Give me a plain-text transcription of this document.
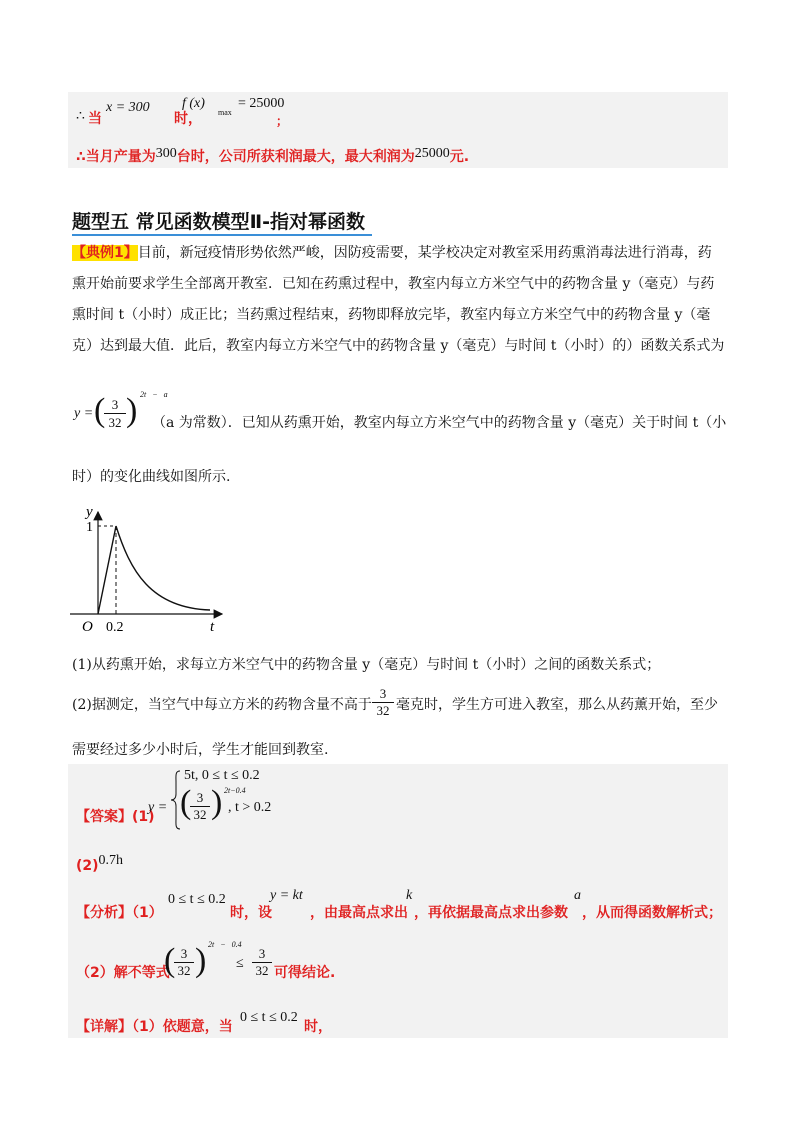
∴ 当
x = 300
时，
f (x)
max
= 25000
；
∴当月产量为300台时，公司所获利润最大，最大利润为25000元.
题型五 常见函数模型Ⅱ-指对幂函数
【典例1】目前，新冠疫情形势依然严峻，因防疫需要，某学校决定对教室采用药熏消毒法进行消毒，药
熏开始前要求学生全部离开教室．已知在药熏过程中，教室内每立方米空气中的药物含量 y（毫克）与药
熏时间 t（小时）成正比；当药熏过程结束，药物即释放完毕，教室内每立方米空气中的药物含量 y（毫
克）达到最大值．此后，教室内每立方米空气中的药物含量 y（毫克）与时间 t（小时）的）函数关系式为
y = (
$\frac{3}{32}$ ) 2t − a
（a 为常数）．已知从药熏开始，教室内每立方米空气中的药物含量 y（毫克）关于时间 t（小
时）的变化曲线如图所示.
y
1
O 0.2	t
(1)从药熏开始，求每立方米空气中的药物含量 y（毫克）与时间 t（小时）之间的函数关系式；
(2)据测定，当空气中每立方米的药物含量不高于 $\frac{3}{32}$ 毫克时，学生方可进入教室，那么从药薰开始，至少
需要经过多少小时后，学生才能回到教室.
【答案】(1)
y =
5t, 0 ≤ t ≤ 0.2
(
$\frac{3}{32}$ ) 2t−0.4
, t > 0.2
(2)0.7h
【分析】（1）
0 ≤ t ≤ 0.2
时，设
y = kt
，由最高点求出
k
，再依据最高点求出参数
a
，从而得函数解析式；
（2）解不等式
(
$\frac{3}{32}$ ) 2t − 0.4
≤
3
32 可得结论.
【详解】（1）依题意，当
0 ≤ t ≤ 0.2
时，
